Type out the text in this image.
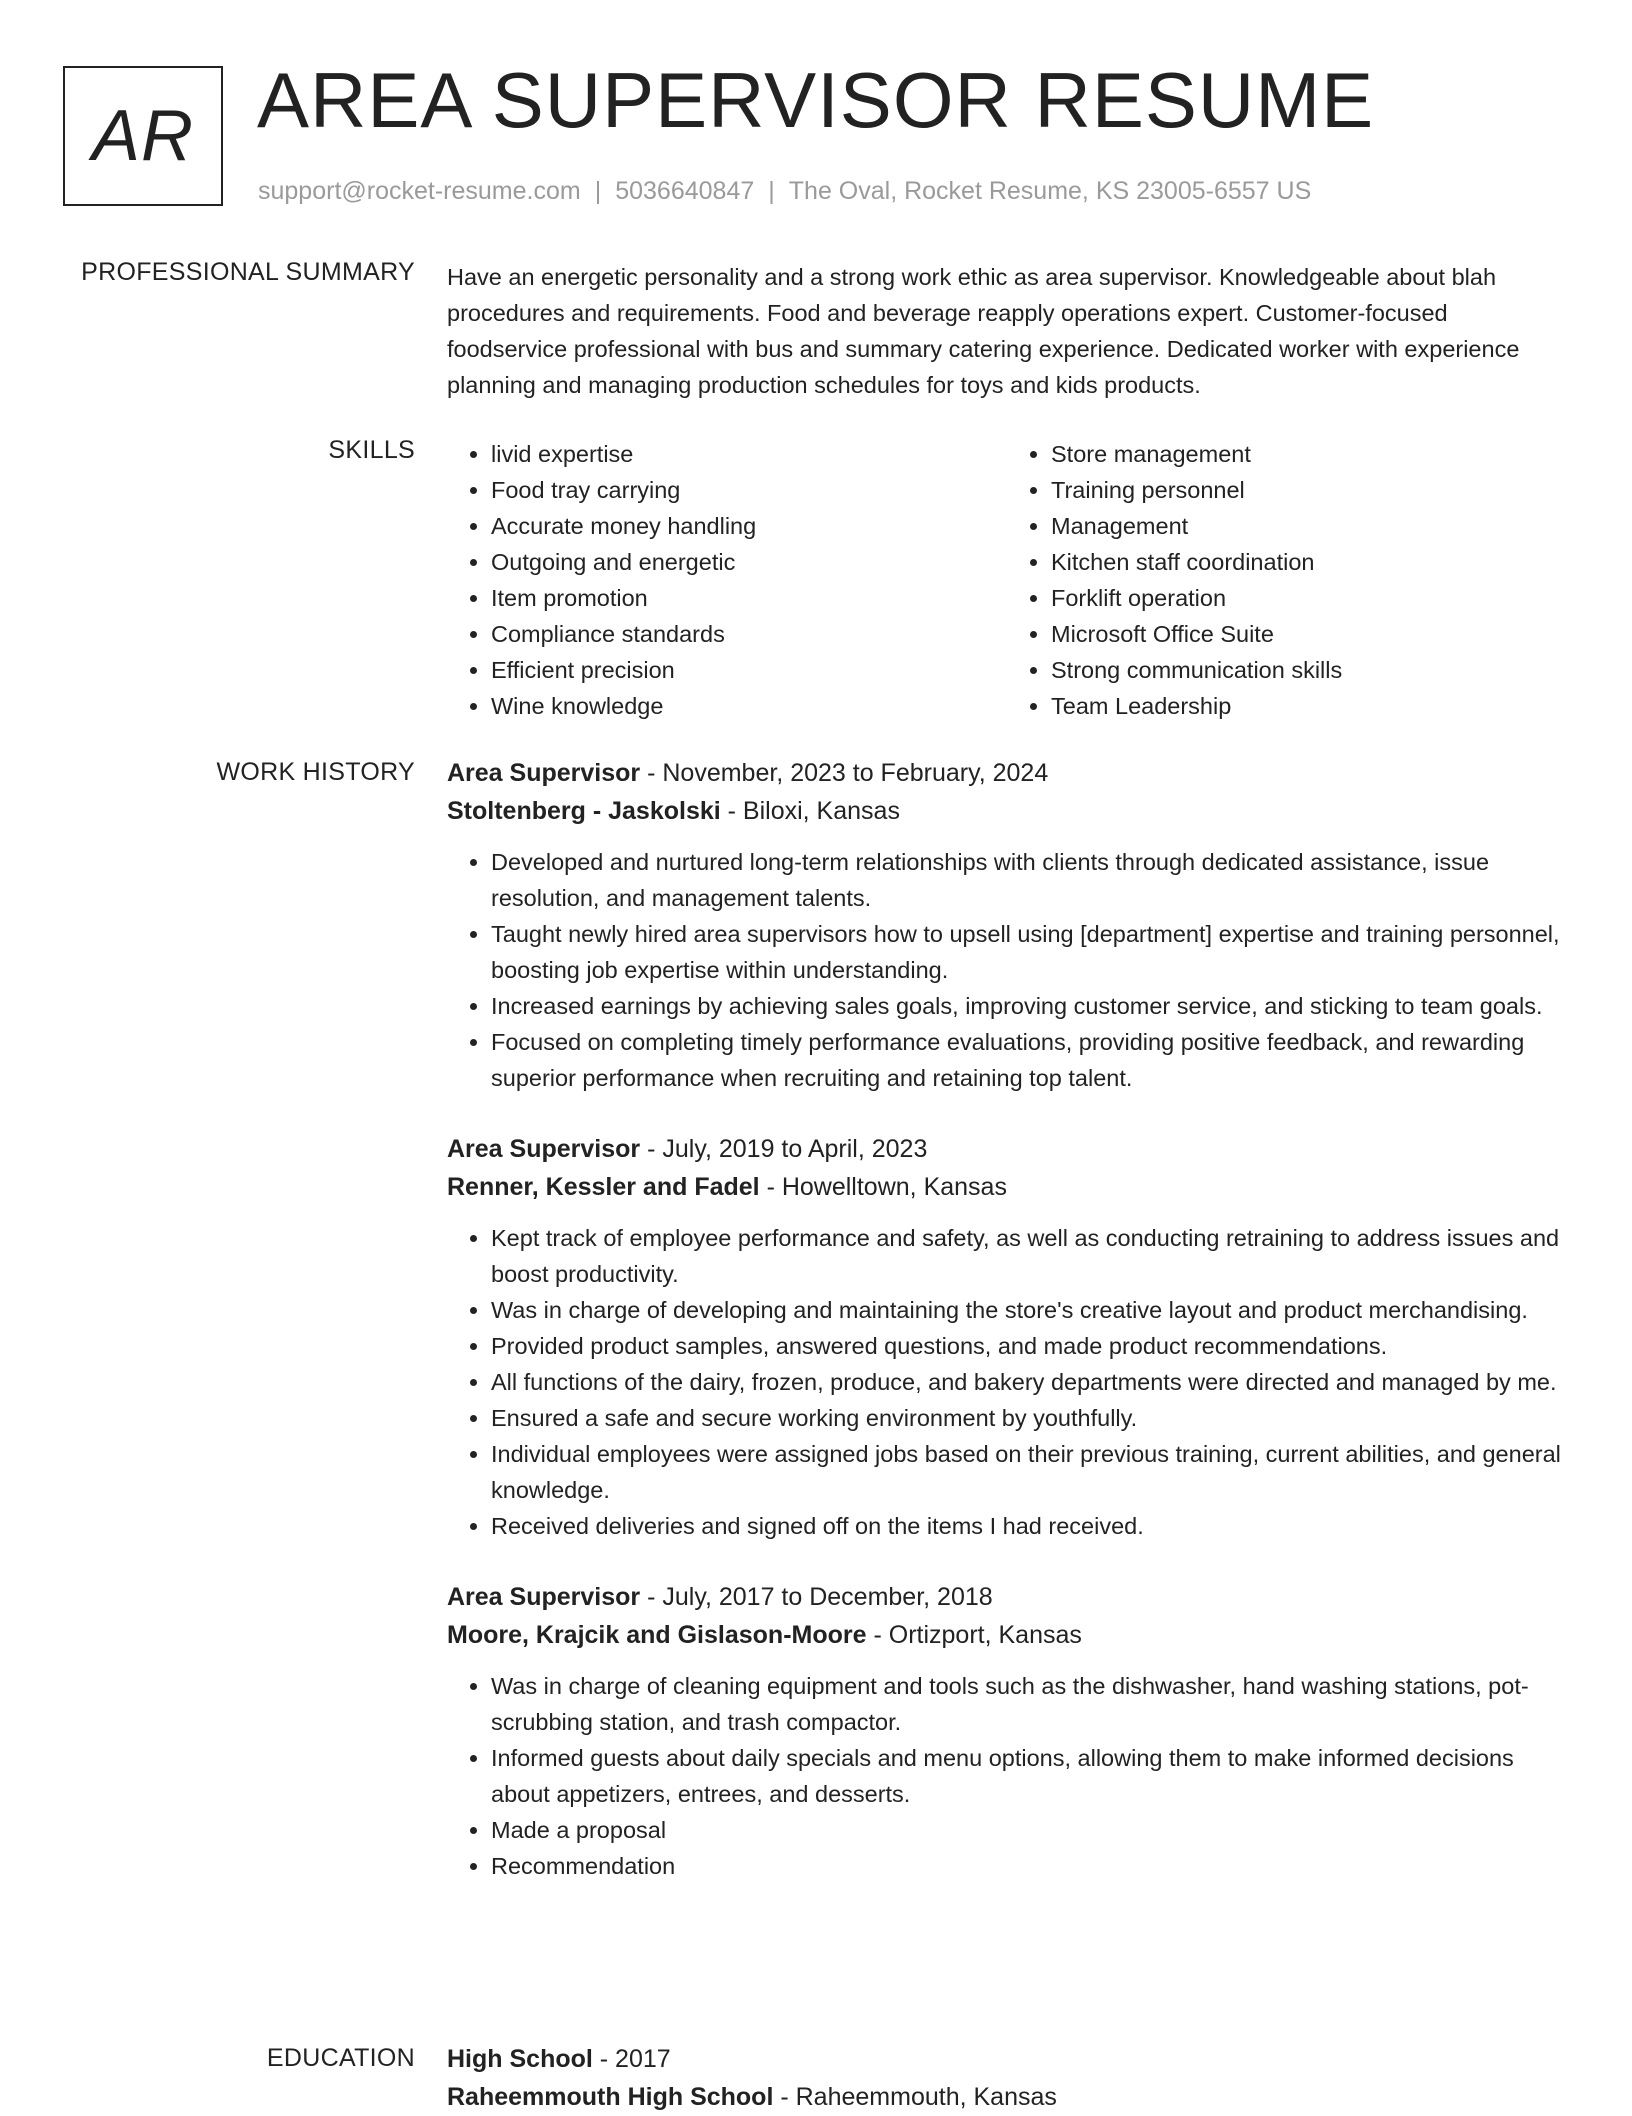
AR AREA SUPERVISOR RESUME
support@rocket-resume.com | 5036640847 | The Oval, Rocket Resume, KS 23005-6557 US
PROFESSIONAL SUMMARY Have an energetic personality and a strong work ethic as area supervisor. Knowledgeable about blah procedures and requirements. Food and beverage reapply operations expert. Customer-focused foodservice professional with bus and summary catering experience. Dedicated worker with experience planning and managing production schedules for toys and kids products.

SKILLS
•	livid expertise
• Food tray carrying
• Accurate money handling
• Outgoing and energetic
• Item promotion
• Compliance standards
• Efficient precision
• Wine knowledge
• Store management
• Training personnel
• Management
• Kitchen staff coordination
• Forklift operation
• Microsoft Office Suite
• Strong communication skills
• Team Leadership
WORK HISTORY Area Supervisor - November, 2023 to February, 2024
Stoltenberg - Jaskolski - Biloxi, Kansas
• Developed and nurtured long-term relationships with clients through dedicated assistance, issue resolution, and management talents.
• Taught newly hired area supervisors how to upsell using [department] expertise and training personnel, boosting job expertise within understanding.
• Increased earnings by achieving sales goals, improving customer service, and sticking to team goals.
• Focused on completing timely performance evaluations, providing positive feedback, and rewarding superior performance when recruiting and retaining top talent.
Area Supervisor - July, 2019 to April, 2023
Renner, Kessler and Fadel - Howelltown, Kansas
• Kept track of employee performance and safety, as well as conducting retraining to address issues and boost productivity.
• Was in charge of developing and maintaining the store's creative layout and product merchandising.
• Provided product samples, answered questions, and made product recommendations.
• All functions of the dairy, frozen, produce, and bakery departments were directed and managed by me.
• Ensured a safe and secure working environment by youthfully.
• Individual employees were assigned jobs based on their previous training, current abilities, and general knowledge.
• Received deliveries and signed off on the items I had received.
Area Supervisor - July, 2017 to December, 2018
Moore, Krajcik and Gislason-Moore - Ortizport, Kansas
• Was in charge of cleaning equipment and tools such as the dishwasher, hand washing stations, pot-scrubbing station, and trash compactor.
• Informed guests about daily specials and menu options, allowing them to make informed decisions about appetizers, entrees, and desserts.
• Made a proposal
• Recommendation
EDUCATION High School - 2017
Raheemmouth High School - Raheemmouth, Kansas
